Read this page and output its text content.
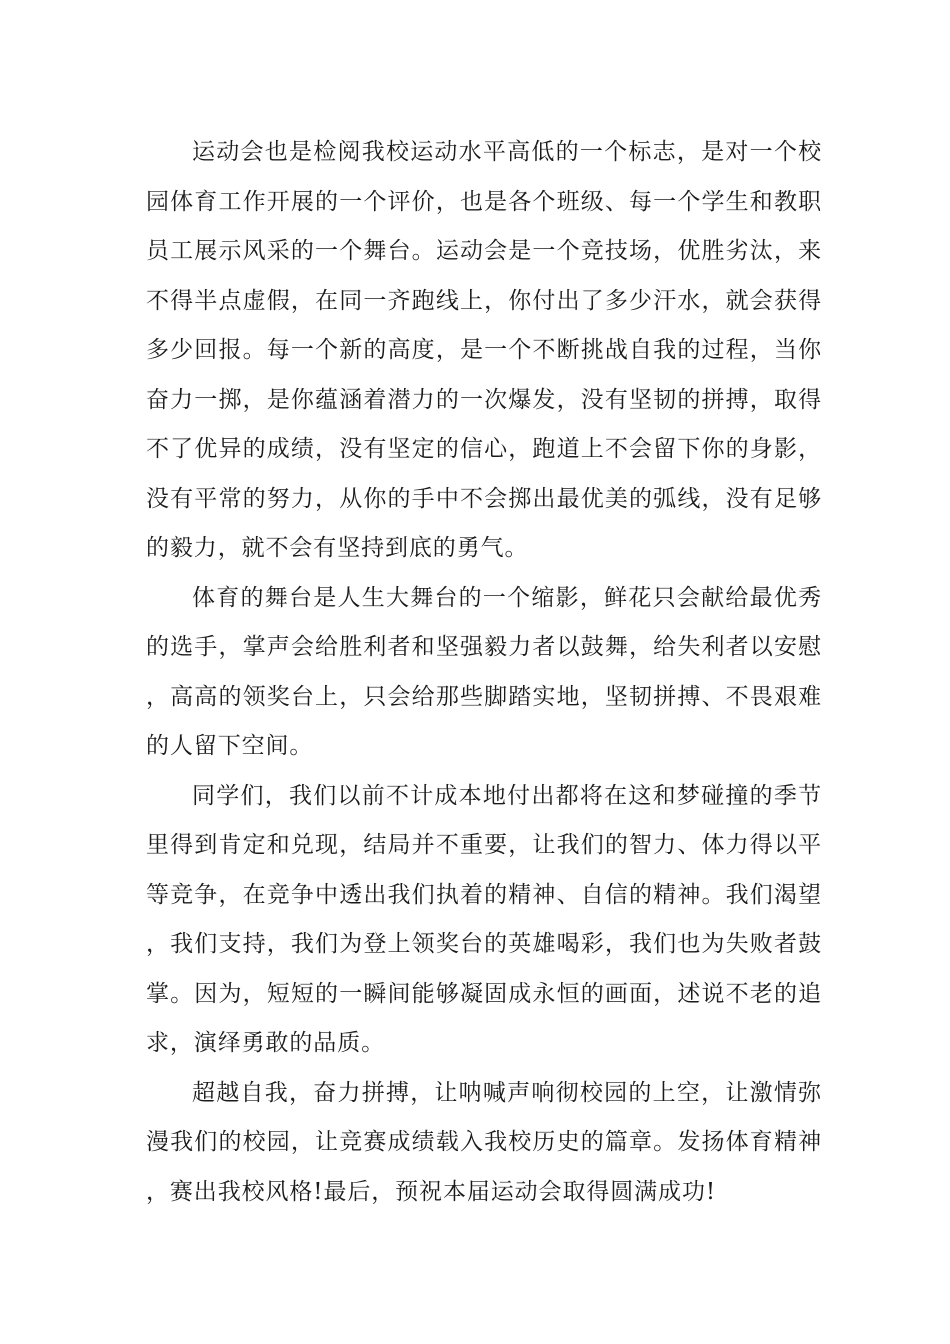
运动会也是检阅我校运动水平高低的一个标志，是对一个校园体育工作开展的一个评价，也是各个班级、每一个学生和教职员工展示风采的一个舞台。运动会是一个竞技场，优胜劣汰，来不得半点虚假，在同一齐跑线上，你付出了多少汗水，就会获得多少回报。每一个新的高度，是一个不断挑战自我的过程，当你奋力一掷，是你蕴涵着潜力的一次爆发，没有坚韧的拼搏，取得不了优异的成绩，没有坚定的信心，跑道上不会留下你的身影，没有平常的努力，从你的手中不会掷出最优美的弧线，没有足够的毅力，就不会有坚持到底的勇气。

体育的舞台是人生大舞台的一个缩影，鲜花只会献给最优秀的选手，掌声会给胜利者和坚强毅力者以鼓舞，给失利者以安慰，高高的领奖台上，只会给那些脚踏实地，坚韧拼搏、不畏艰难的人留下空间。

同学们，我们以前不计成本地付出都将在这和梦碰撞的季节里得到肯定和兑现，结局并不重要，让我们的智力、体力得以平等竞争，在竞争中透出我们执着的精神、自信的精神。我们渴望，我们支持，我们为登上领奖台的英雄喝彩，我们也为失败者鼓掌。因为，短短的一瞬间能够凝固成永恒的画面，述说不老的追求，演绎勇敢的品质。

超越自我，奋力拼搏，让呐喊声响彻校园的上空，让激情弥漫我们的校园，让竞赛成绩载入我校历史的篇章。发扬体育精神，赛出我校风格!最后，预祝本届运动会取得圆满成功!
